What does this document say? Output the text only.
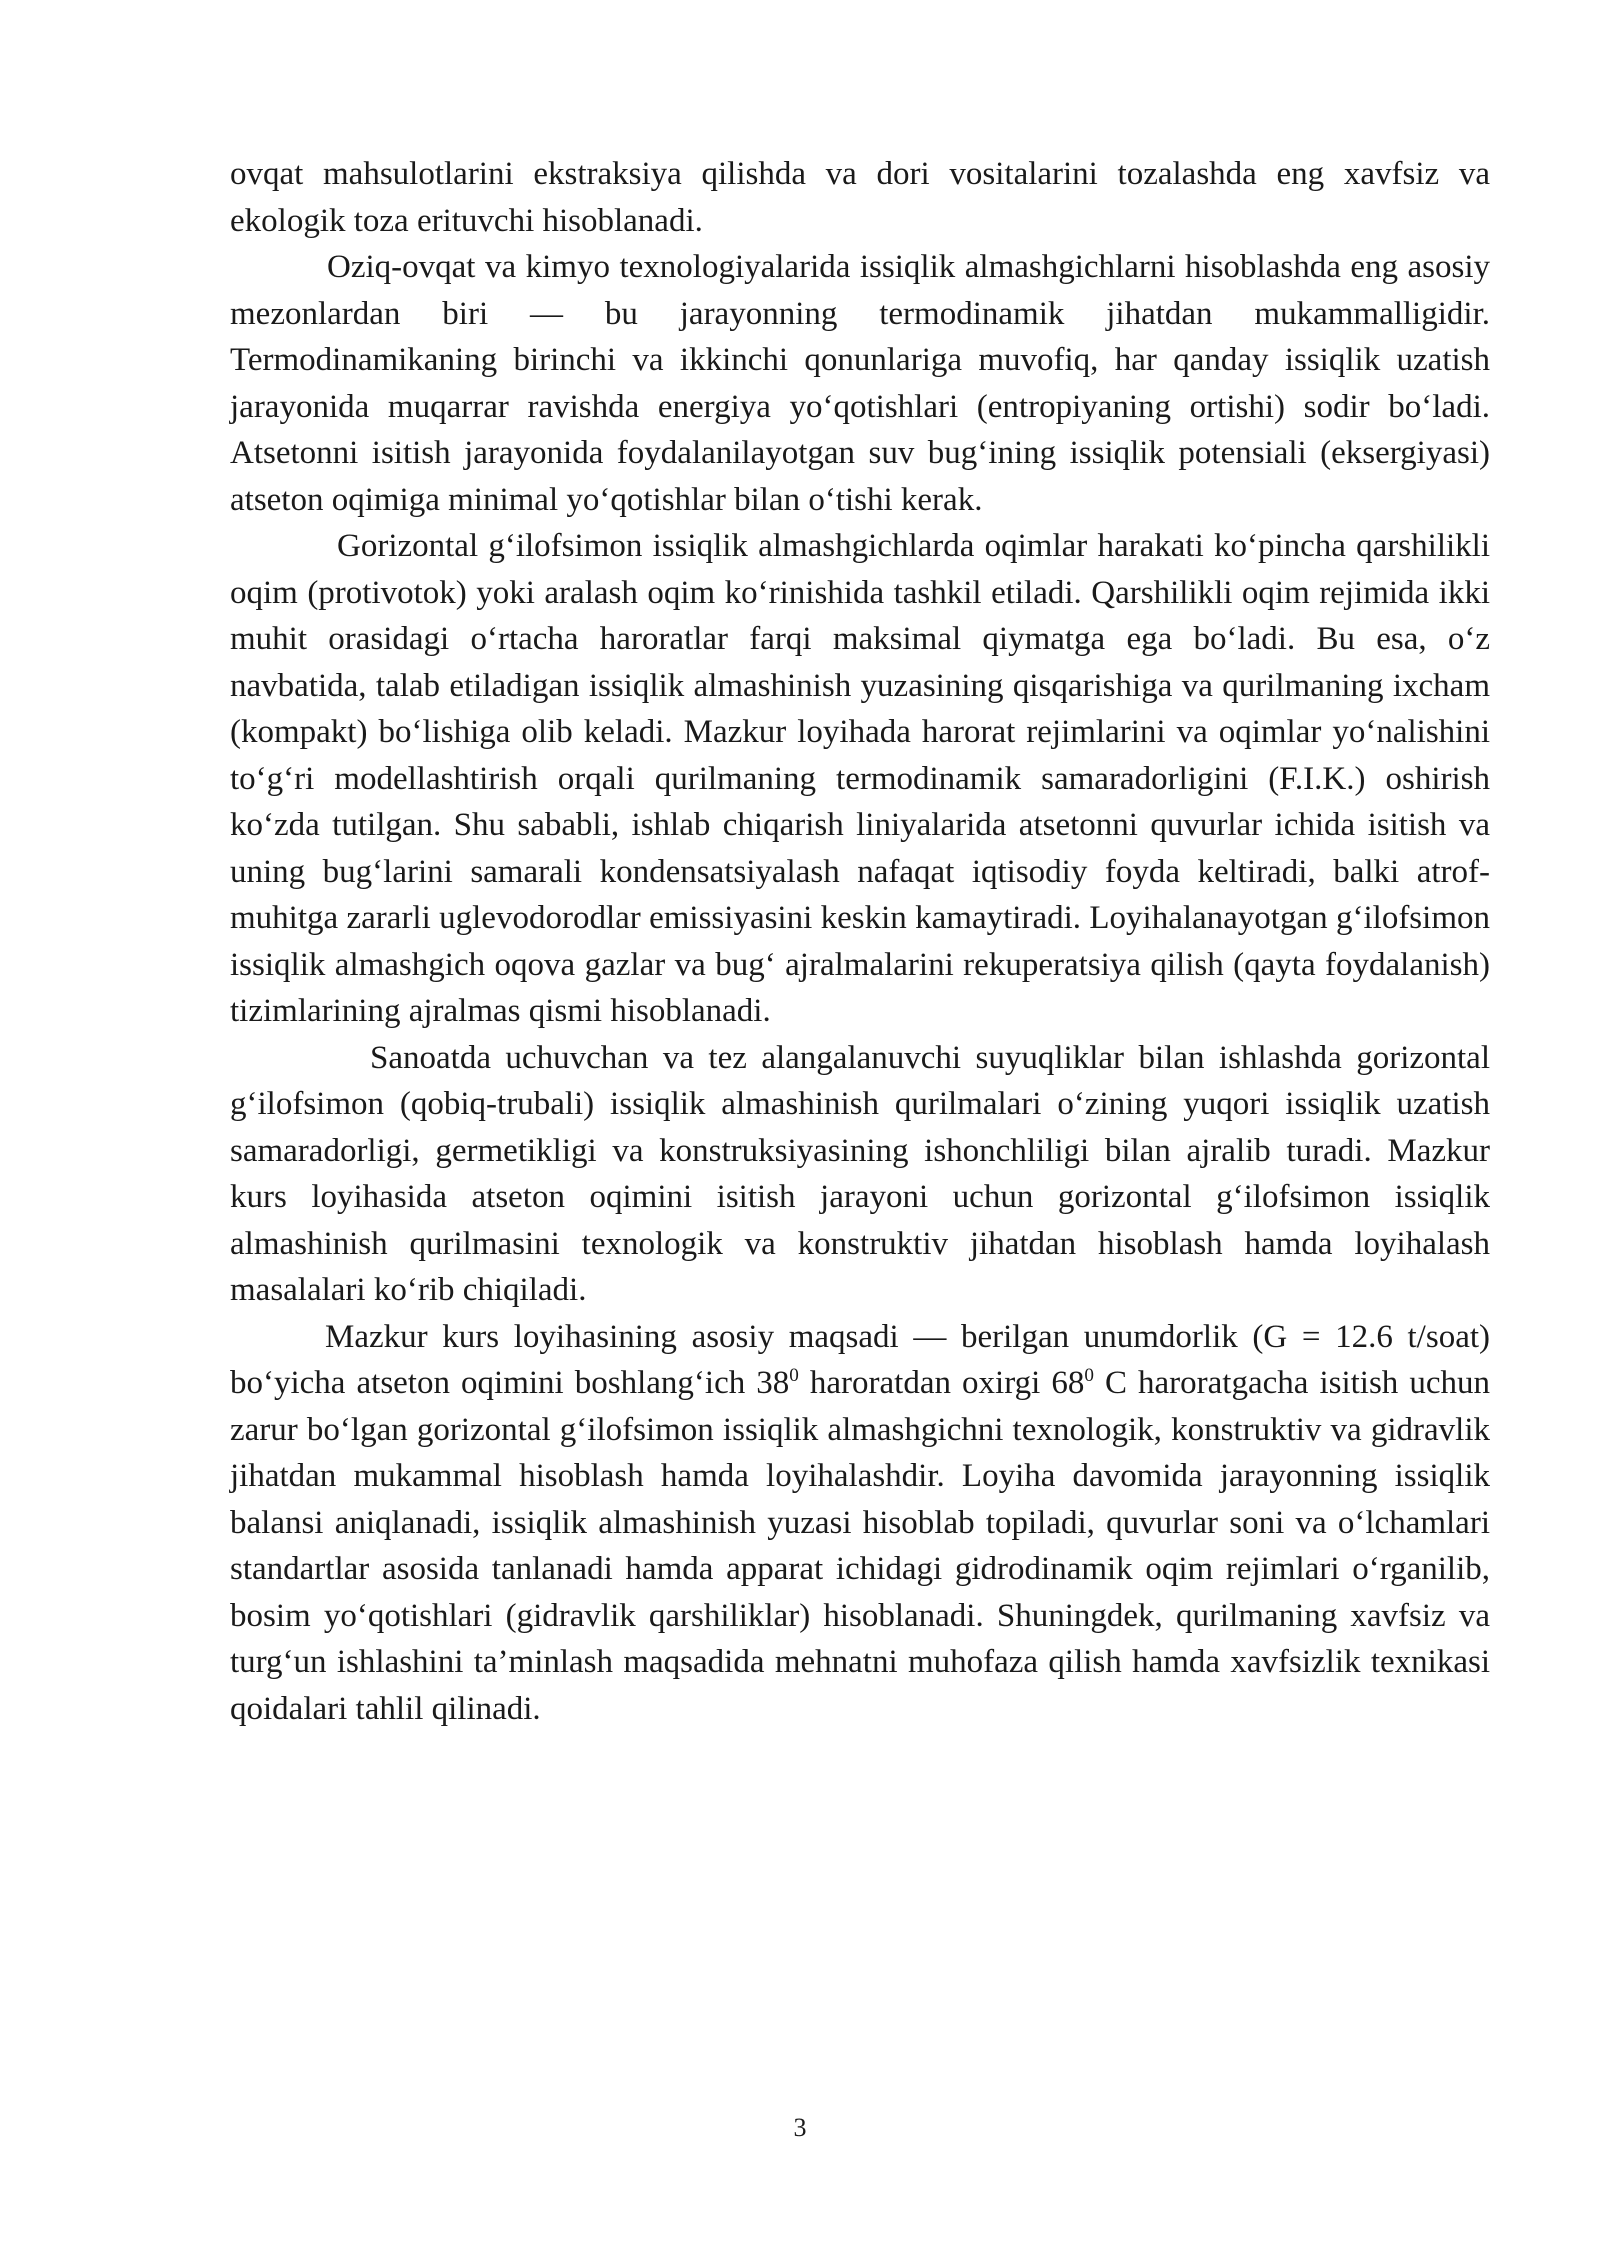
ovqat mahsulotlarini ekstraksiya qilishda va dori vositalarini tozalashda eng xavfsiz va ekologik toza erituvchi hisoblanadi.

Oziq-ovqat va kimyo texnologiyalarida issiqlik almashgichlarni hisoblashda eng asosiy mezonlardan biri — bu jarayonning termodinamik jihatdan mukammalligidir. Termodinamikaning birinchi va ikkinchi qonunlariga muvofiq, har qanday issiqlik uzatish jarayonida muqarrar ravishda energiya yo‘qotishlari (entropiyaning ortishi) sodir bo‘ladi. Atsetonni isitish jarayonida foydalanilayotgan suv bug‘ining issiqlik potensiali (eksergiyasi) atseton oqimiga minimal yo‘qotishlar bilan o‘tishi kerak.

Gorizontal g‘ilofsimon issiqlik almashgichlarda oqimlar harakati ko‘pincha qarshilikli oqim (protivotok) yoki aralash oqim ko‘rinishida tashkil etiladi. Qarshilikli oqim rejimida ikki muhit orasidagi o‘rtacha haroratlar farqi maksimal qiymatga ega bo‘ladi. Bu esa, o‘z navbatida, talab etiladigan issiqlik almashinish yuzasining qisqarishiga va qurilmaning ixcham (kompakt) bo‘lishiga olib keladi. Mazkur loyihada harorat rejimlarini va oqimlar yo‘nalishini to‘g‘ri modellashtirish orqali qurilmaning termodinamik samaradorligini (F.I.K.) oshirish ko‘zda tutilgan. Shu sababli, ishlab chiqarish liniyalarida atsetonni quvurlar ichida isitish va uning bug‘larini samarali kondensatsiyalash nafaqat iqtisodiy foyda keltiradi, balki atrof-muhitga zararli uglevodorodlar emissiyasini keskin kamaytiradi. Loyihalanayotgan g‘ilofsimon issiqlik almashgich oqova gazlar va bug‘ ajralmalarini rekuperatsiya qilish (qayta foydalanish) tizimlarining ajralmas qismi hisoblanadi.

Sanoatda uchuvchan va tez alangalanuvchi suyuqliklar bilan ishlashda gorizontal g‘ilofsimon (qobiq-trubali) issiqlik almashinish qurilmalari o‘zining yuqori issiqlik uzatish samaradorligi, germetikligi va konstruksiyasining ishonchliligi bilan ajralib turadi. Mazkur kurs loyihasida atseton oqimini isitish jarayoni uchun gorizontal g‘ilofsimon issiqlik almashinish qurilmasini texnologik va konstruktiv jihatdan hisoblash hamda loyihalash masalalari ko‘rib chiqiladi.

Mazkur kurs loyihasining asosiy maqsadi — berilgan unumdorlik (G = 12.6 t/soat) bo‘yicha atseton oqimini boshlang‘ich $38^0$ haroratdan oxirgi $68^0$ C haroratgacha isitish uchun zarur bo‘lgan gorizontal g‘ilofsimon issiqlik almashgichni texnologik, konstruktiv va gidravlik jihatdan mukammal hisoblash hamda loyihalashdir. Loyiha davomida jarayonning issiqlik balansi aniqlanadi, issiqlik almashinish yuzasi hisoblab topiladi, quvurlar soni va o‘lchamlari standartlar asosida tanlanadi hamda apparat ichidagi gidrodinamik oqim rejimlari o‘rganilib, bosim yo‘qotishlari (gidravlik qarshiliklar) hisoblanadi. Shuningdek, qurilmaning xavfsiz va turg‘un ishlashini ta’minlash maqsadida mehnatni muhofaza qilish hamda xavfsizlik texnikasi qoidalari tahlil qilinadi.

3
